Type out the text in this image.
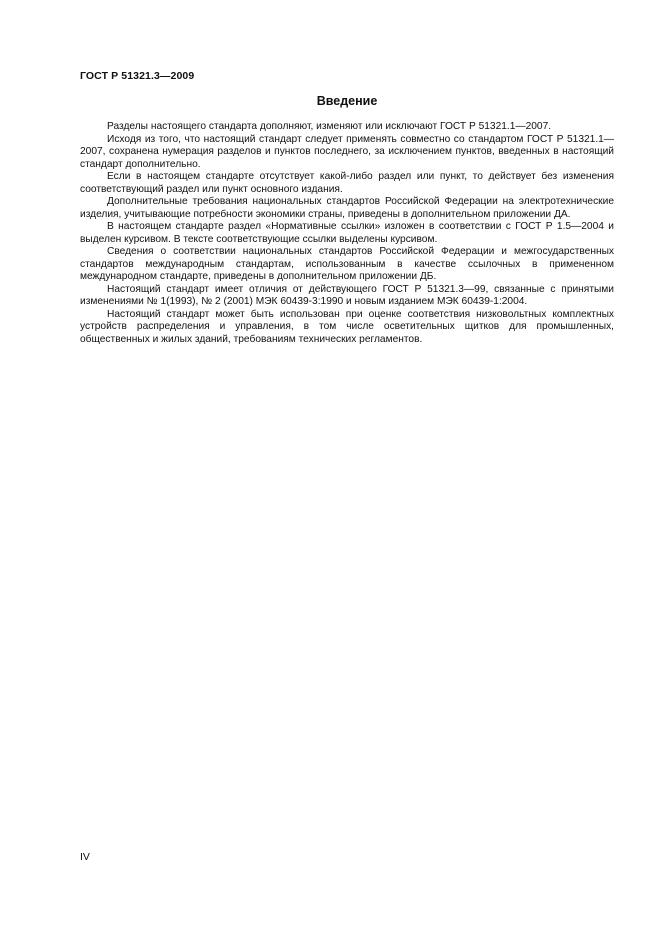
ГОСТ Р 51321.3—2009
Введение

Разделы настоящего стандарта дополняют, изменяют или исключают ГОСТ Р 51321.1—2007.

Исходя из того, что настоящий стандарт следует применять совместно со стандартом ГОСТ Р 51321.1—2007, сохранена нумерация разделов и пунктов последнего, за исключением пунктов, введенных в настоящий стандарт дополнительно.

Если в настоящем стандарте отсутствует какой-либо раздел или пункт, то действует без изменения соответствующий раздел или пункт основного издания.

Дополнительные требования национальных стандартов Российской Федерации на электротехнические изделия, учитывающие потребности экономики страны, приведены в дополнительном приложении ДА.

В настоящем стандарте раздел «Нормативные ссылки» изложен в соответствии с ГОСТ Р 1.5—2004 и выделен курсивом. В тексте соответствующие ссылки выделены курсивом.

Сведения о соответствии национальных стандартов Российской Федерации и межгосударственных стандартов международным стандартам, использованным в качестве ссылочных в примененном международном стандарте, приведены в дополнительном приложении ДБ.

Настоящий стандарт имеет отличия от действующего ГОСТ Р 51321.3—99, связанные с принятыми изменениями № 1(1993), № 2 (2001) МЭК 60439-3:1990 и новым изданием МЭК 60439-1:2004.

Настоящий стандарт может быть использован при оценке соответствия низковольтных комплектных устройств распределения и управления, в том числе осветительных щитков для промышленных, общественных и жилых зданий, требованиям технических регламентов.

IV
